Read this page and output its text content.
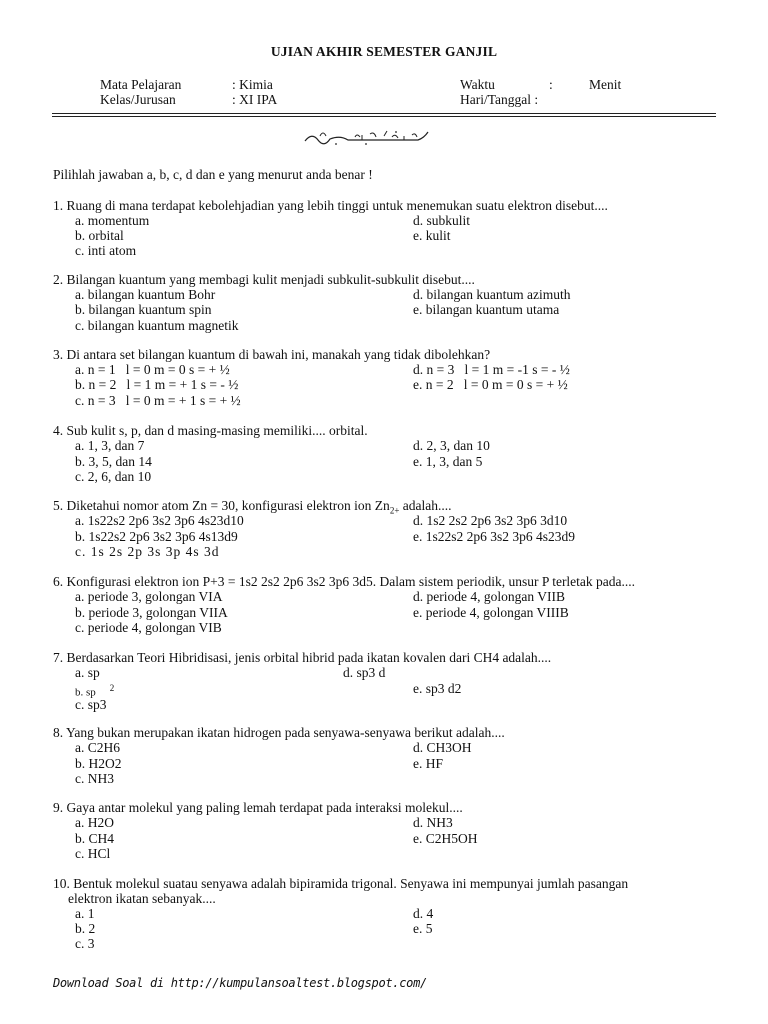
UJIAN AKHIR SEMESTER GANJIL
Mata Pelajaran	: Kimia	Waktu	:	Menit
Kelas/Jurusan	: XI IPA	Hari/Tanggal :
Pilihlah jawaban a, b, c, d dan e yang menurut anda benar !
1. Ruang di mana terdapat kebolehjadian yang lebih tinggi untuk menemukan suatu elektron disebut....
a. momentum
b. orbital
c. inti atom
d. subkulit
e. kulit
2. Bilangan kuantum yang membagi kulit menjadi subkulit-subkulit disebut....
a. bilangan kuantum Bohr
b. bilangan kuantum spin
c. bilangan kuantum magnetik
d. bilangan kuantum azimuth
e. bilangan kuantum utama
3. Di antara set bilangan kuantum di bawah ini, manakah yang tidak dibolehkan?
a. n = 1   l = 0 m = 0 s = + ½
b. n = 2   l = 1 m = + 1 s = - ½
c. n = 3   l = 0 m = + 1 s = + ½
d. n = 3   l = 1 m = -1 s = - ½
e. n = 2   l = 0 m = 0 s = + ½
4. Sub kulit s, p, dan d masing-masing memiliki.... orbital.
a. 1, 3, dan 7
b. 3, 5, dan 14
c. 2, 6, dan 10
d. 2, 3, dan 10
e. 1, 3, dan 5
5. Diketahui nomor atom Zn = 30, konfigurasi elektron ion $Zn_{2+}$ adalah....
a. 1s22s2 2p6 3s2 3p6 4s23d10
b. 1s22s2 2p6 3s2 3p6 4s13d9
c. 1s 2s 2p 3s 3p 4s 3d
d. 1s2 2s2 2p6 3s2 3p6 3d10
e. 1s22s2 2p6 3s2 3p6 4s23d9
6. Konfigurasi elektron ion P+3 = 1s2 2s2 2p6 3s2 3p6 3d5. Dalam sistem periodik, unsur P terletak pada....
a. periode 3, golongan VIA
b. periode 3, golongan VIIA
c. periode 4, golongan VIB
d. periode 4, golongan VIIB
e. periode 4, golongan VIIIB
7. Berdasarkan Teori Hibridisasi, jenis orbital hibrid pada ikatan kovalen dari CH4 adalah....
a. sp
b. sp $^2$
c. sp3
d. sp3 d
e. sp3 d2
8. Yang bukan merupakan ikatan hidrogen pada senyawa-senyawa berikut adalah....
a. C2H6
b. H2O2
c. NH3
d. CH3OH
e. HF
9. Gaya antar molekul yang paling lemah terdapat pada interaksi molekul....
a. H2O
b. CH4
c. HCl
d. NH3
e. C2H5OH
10. Bentuk molekul suatau senyawa adalah bipiramida trigonal. Senyawa ini mempunyai jumlah pasangan
elektron ikatan sebanyak....
a. 1
b. 2
c. 3
d. 4
e. 5
Download Soal di http://kumpulansoaltest.blogspot.com/
